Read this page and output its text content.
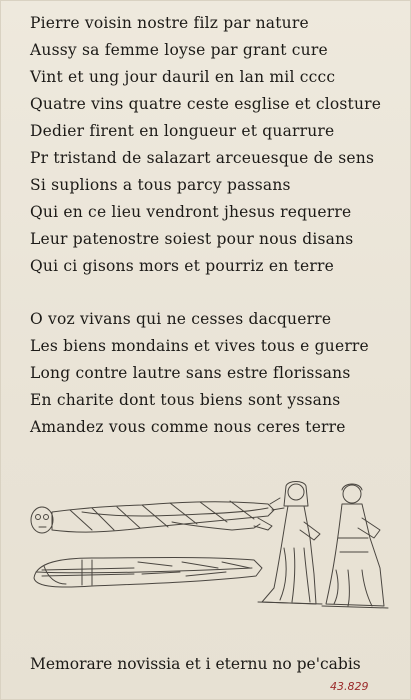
Pierre voisin nostre filz par nature
Aussy sa femme loyse par grant cure
Vint et ung jour dauril en lan mil cccc
Quatre vins quatre ceste esglise et closture
Dedier firent en longueur et quarrure
Pr tristand de salazart arceuesque de sens
Si suplions a tous parcy passans
Qui en ce lieu vendront jhesus requerre
Leur patenostre soiest pour nous disans
Qui ci gisons mors et pourriz en terre
O voz vivans qui ne cesses dacquerre
Les biens mondains et vives tous e guerre
Long contre lautre sans estre florissans
En charite dont tous biens sont yssans
Amandez vous comme nous ceres terre
Memorare novissia et i eternu no pe'cabis
43.829
